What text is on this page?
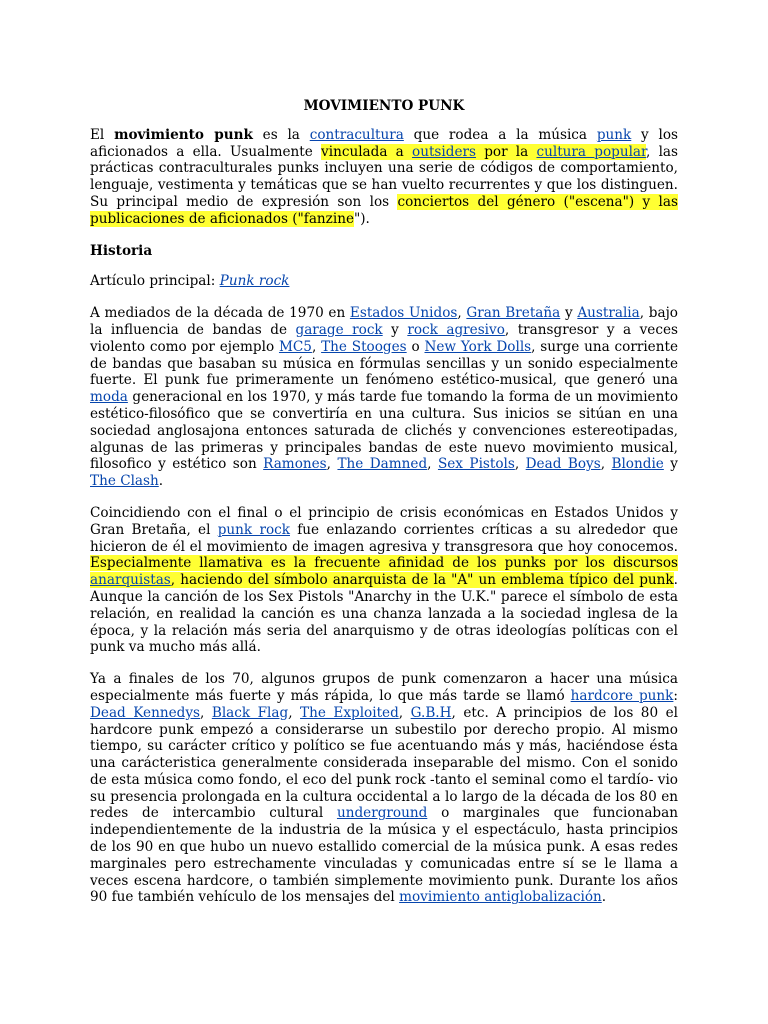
MOVIMIENTO PUNK

El movimiento punk es la contracultura que rodea a la música punk y los aficionados a ella. Usualmente vinculada a outsiders por la cultura popular, las prácticas contraculturales punks incluyen una serie de códigos de comportamiento, lenguaje, vestimenta y temáticas que se han vuelto recurrentes y que los distinguen. Su principal medio de expresión son los conciertos del género ("escena") y las publicaciones de aficionados ("fanzine").

Historia

Artículo principal: Punk rock

A mediados de la década de 1970 en Estados Unidos, Gran Bretaña y Australia, bajo la influencia de bandas de garage rock y rock agresivo, transgresor y a veces violento como por ejemplo MC5, The Stooges o New York Dolls, surge una corriente de bandas que basaban su música en fórmulas sencillas y un sonido especialmente fuerte. El punk fue primeramente un fenómeno estético-musical, que generó una moda generacional en los 1970, y más tarde fue tomando la forma de un movimiento estético-filosófico que se convertiría en una cultura. Sus inicios se sitúan en una sociedad anglosajona entonces saturada de clichés y convenciones estereotipadas, algunas de las primeras y principales bandas de este nuevo movimiento musical, filosofico y estético son Ramones, The Damned, Sex Pistols, Dead Boys, Blondie y The Clash.

Coincidiendo con el final o el principio de crisis económicas en Estados Unidos y Gran Bretaña, el punk rock fue enlazando corrientes críticas a su alrededor que hicieron de él el movimiento de imagen agresiva y transgresora que hoy conocemos. Especialmente llamativa es la frecuente afinidad de los punks por los discursos anarquistas, haciendo del símbolo anarquista de la "A" un emblema típico del punk. Aunque la canción de los Sex Pistols "Anarchy in the U.K." parece el símbolo de esta relación, en realidad la canción es una chanza lanzada a la sociedad inglesa de la época, y la relación más seria del anarquismo y de otras ideologías políticas con el punk va mucho más allá.

Ya a finales de los 70, algunos grupos de punk comenzaron a hacer una música especialmente más fuerte y más rápida, lo que más tarde se llamó hardcore punk: Dead Kennedys, Black Flag, The Exploited, G.B.H, etc. A principios de los 80 el hardcore punk empezó a considerarse un subestilo por derecho propio. Al mismo tiempo, su carácter crítico y político se fue acentuando más y más, haciéndose ésta una carácteristica generalmente considerada inseparable del mismo. Con el sonido de esta música como fondo, el eco del punk rock -tanto el seminal como el tardío- vio su presencia prolongada en la cultura occidental a lo largo de la década de los 80 en redes de intercambio cultural underground o marginales que funcionaban independientemente de la industria de la música y el espectáculo, hasta principios de los 90 en que hubo un nuevo estallido comercial de la música punk. A esas redes marginales pero estrechamente vinculadas y comunicadas entre sí se le llama a veces escena hardcore, o también simplemente movimiento punk. Durante los años 90 fue también vehículo de los mensajes del movimiento antiglobalización.
